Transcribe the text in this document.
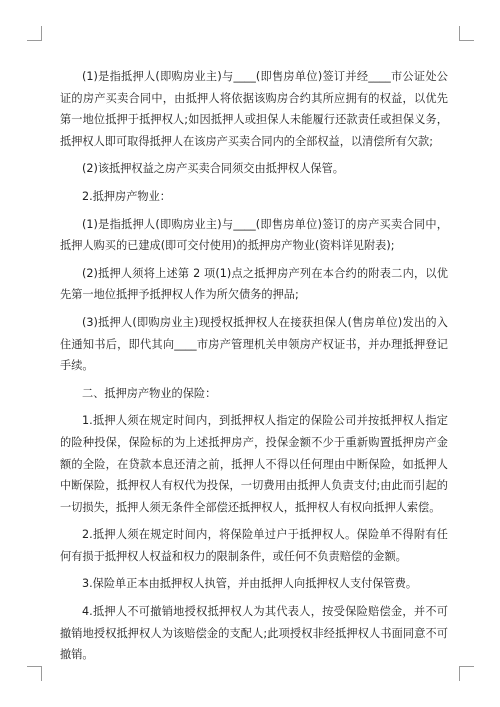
(1)是指抵押人(即购房业主)与____(即售房单位)签订并经____市公证处公证的房产买卖合同中，由抵押人将依据该购房合约其所应拥有的权益，以优先第一地位抵押于抵押权人;如因抵押人或担保人未能履行还款责任或担保义务，抵押权人即可取得抵押人在该房产买卖合同内的全部权益，以清偿所有欠款;

(2)该抵押权益之房产买卖合同须交由抵押权人保管。

2.抵押房产物业：

(1)是指抵押人(即购房业主)与____(即售房单位)签订的房产买卖合同中，抵押人购买的已建成(即可交付使用)的抵押房产物业(资料详见附表);

(2)抵押人须将上述第 2 项(1)点之抵押房产列在本合约的附表二内，以优先第一地位抵押予抵押权人作为所欠债务的押品;

(3)抵押人(即购房业主)现授权抵押权人在接获担保人(售房单位)发出的入住通知书后，即代其向____市房产管理机关申领房产权证书，并办理抵押登记手续。

二、抵押房产物业的保险：

1.抵押人须在规定时间内，到抵押权人指定的保险公司并按抵押权人指定的险种投保，保险标的为上述抵押房产，投保金额不少于重新购置抵押房产金额的全险，在贷款本息还清之前，抵押人不得以任何理由中断保险，如抵押人中断保险，抵押权人有权代为投保，一切费用由抵押人负责支付;由此而引起的一切损失，抵押人须无条件全部偿还抵押权人，抵押权人有权向抵押人索偿。

2.抵押人须在规定时间内，将保险单过户于抵押权人。保险单不得附有任何有损于抵押权人权益和权力的限制条件，或任何不负责赔偿的金额。

3.保险单正本由抵押权人执管，并由抵押人向抵押权人支付保管费。

4.抵押人不可撤销地授权抵押权人为其代表人，按受保险赔偿金，并不可撤销地授权抵押权人为该赔偿金的支配人;此项授权非经抵押权人书面同意不可撤销。
